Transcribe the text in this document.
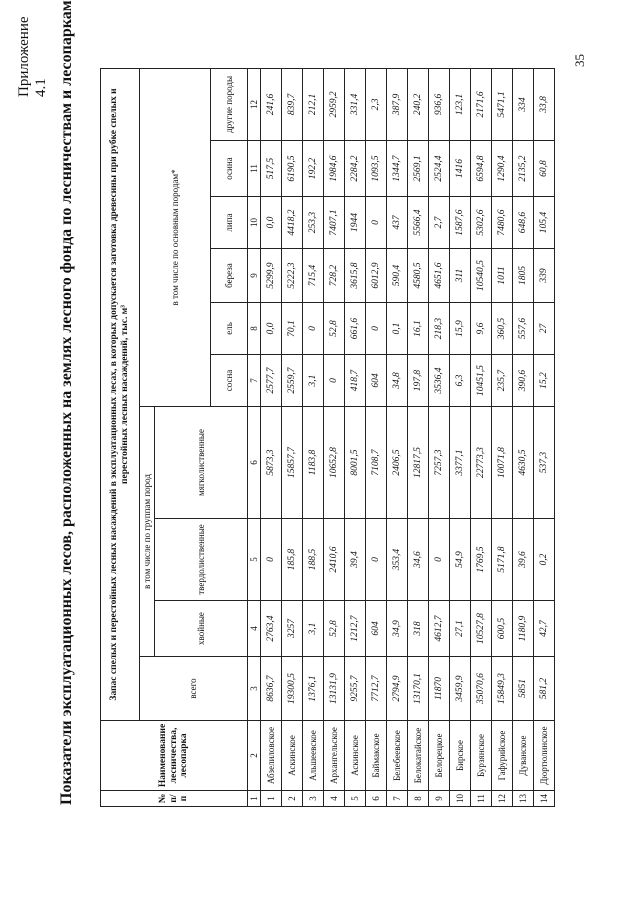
35
Приложение 4.1 Показатели эксплуатационных лесов, расположенных на землях лесного фонда по лесничествам и лесопаркам	№ п/п	Наименование лесничества, лесопарка	Запас спелых и перестойных лесных насаждений в эксплуатационных лесах, в которых допускается заготовка древесины при рубке спелых и перестойных лесных насаждений, тыс. м³									
		всего	в том числе по группам пород			в том числе по основным породам*					
			хвойные	твердолиственные	мягколиственные						
						сосна	ель	береза	липа	осина	другие породы
1	2	3	4	5	6	7	8	9	10	11	12
1	Абзелиловское	8636,7	2763,4	0	5873,3	2577,7	0,0	5299,9	0,0	517,5	241,6
2	Аскинское	19300,5	3257	185,8	15857,7	2559,7	70,1	5222,3	4418,2	6190,5	839,7
3	Альшеевское	1376,1	3,1	188,5	1183,8	3,1	0	715,4	253,3	192,2	212,1
4	Архангельское	13131,9	52,8	2410,6	10652,8	0	52,8	728,2	7407,1	1984,6	2959,2
5	Аскинское	9255,7	1212,7	39,4	8001,5	418,7	661,6	3615,8	1944	2284,2	331,4
6	Баймакское	7712,7	604	0	7108,7	604	0	6012,9	0	1093,5	2,3
7	Белебеевское	2794,9	34,9	353,4	2406,5	34,8	0,1	590,4	437	1344,7	387,9
8	Белокатайское	13170,1	318	34,6	12817,5	197,8	16,1	4580,5	5566,4	2569,1	240,2
9	Белорецкое	11870	4612,7	0	7257,3	3536,4	218,3	4651,6	2,7	2524,4	936,6
10	Бирское	3459,9	27,1	54,9	3377,1	6,3	15,9	311	1587,6	1416	123,1
11	Бурзянское	35070,6	10527,8	1769,5	22773,3	10451,5	9,6	10540,5	5302,6	6594,8	2171,6
12	Гафурийское	15849,3	600,5	5171,8	10071,8	235,7	360,5	1011	7480,6	1290,4	5471,1
13	Дуванское	5851	1180,9	39,6	4630,5	390,6	557,6	1805	648,6	2135,2	334
14	Дюртюлинское	581,2	42,7	0,2	537,3	15,2	27	339	105,4	60,8	33,8
